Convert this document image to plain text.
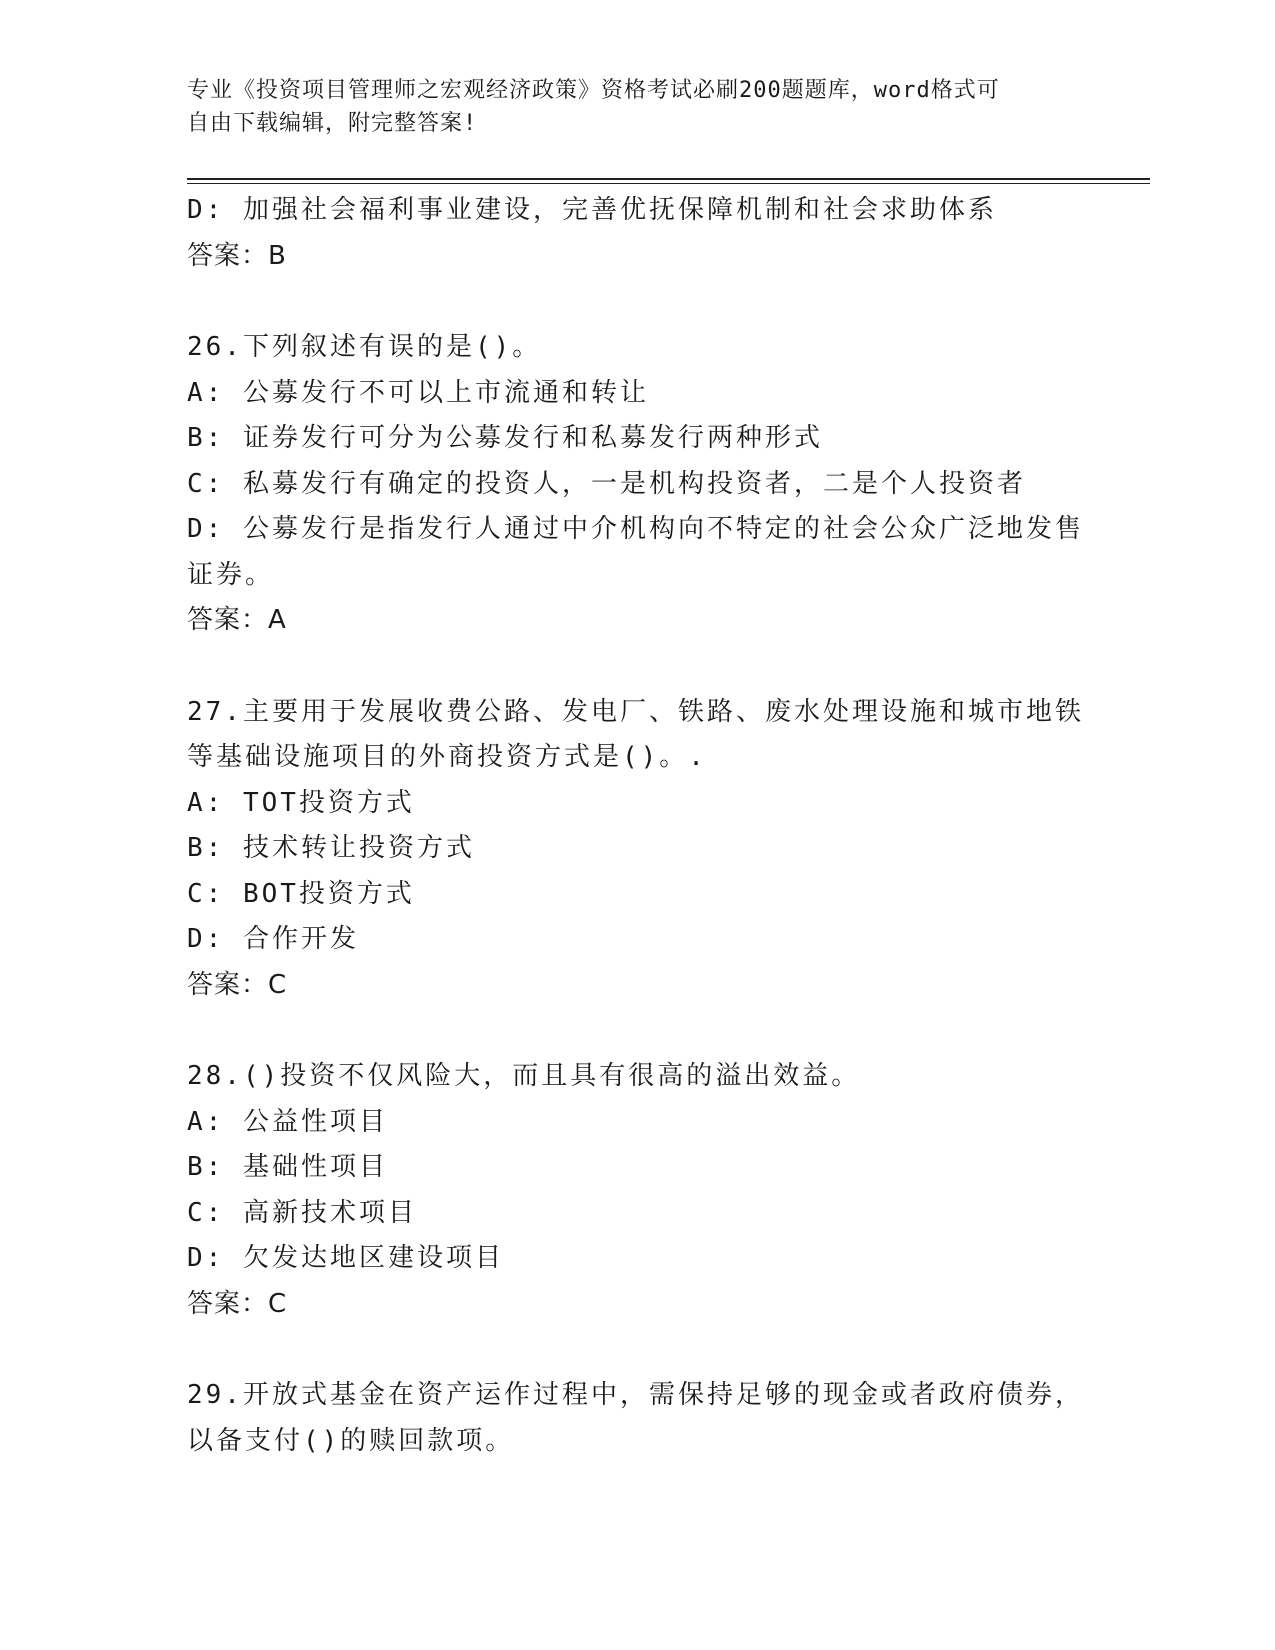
专业《投资项目管理师之宏观经济政策》资格考试必刷200题题库，word格式可
自由下载编辑，附完整答案!
D: 加强社会福利事业建设，完善优抚保障机制和社会求助体系
答案：B
26.下列叙述有误的是()。
A: 公募发行不可以上市流通和转让
B: 证券发行可分为公募发行和私募发行两种形式
C: 私募发行有确定的投资人，一是机构投资者，二是个人投资者
D: 公募发行是指发行人通过中介机构向不特定的社会公众广泛地发售
证券。
答案：A
27.主要用于发展收费公路、发电厂、铁路、废水处理设施和城市地铁
等基础设施项目的外商投资方式是()。.
A: TOT投资方式
B: 技术转让投资方式
C: BOT投资方式
D: 合作开发
答案：C
28.()投资不仅风险大，而且具有很高的溢出效益。
A: 公益性项目
B: 基础性项目
C: 高新技术项目
D: 欠发达地区建设项目
答案：C
29.开放式基金在资产运作过程中，需保持足够的现金或者政府债券，
以备支付()的赎回款项。
